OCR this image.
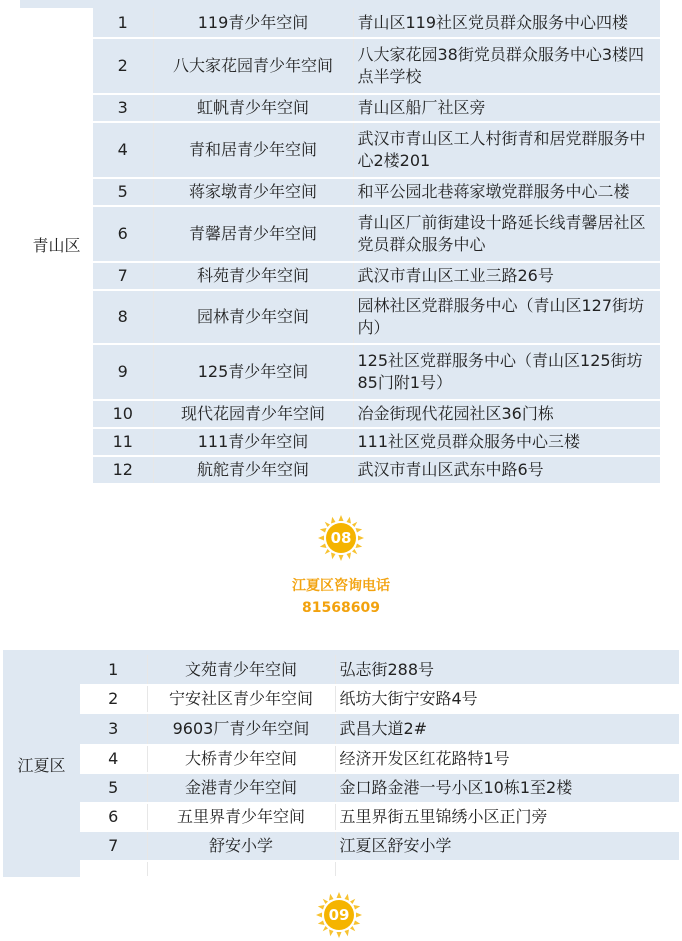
青山区	1	119青少年空间	青山区119社区党员群众服务中心四楼
	2	八大家花园青少年空间	八大家花园38街党员群众服务中心3楼四点半学校
	3	虹帆青少年空间	青山区船厂社区旁
	4	青和居青少年空间	武汉市青山区工人村街青和居党群服务中心2楼201
	5	蒋家墩青少年空间	和平公园北巷蒋家墩党群服务中心二楼
	6	青馨居青少年空间	青山区厂前街建设十路延长线青馨居社区党员群众服务中心
	7	科苑青少年空间	武汉市青山区工业三路26号
	8	园林青少年空间	园林社区党群服务中心（青山区127街坊内）
	9	125青少年空间	125社区党群服务中心（青山区125街坊85门附1号）
	10	现代花园青少年空间	冶金街现代花园社区36门栋
	11	111青少年空间	111社区党员群众服务中心三楼
	12	航舵青少年空间	武汉市青山区武东中路6号
08
江夏区咨询电话
81568609
江夏区	1	文苑青少年空间	弘志街288号
	2	宁安社区青少年空间	纸坊大街宁安路4号
	3	9603厂青少年空间	武昌大道2#
	4	大桥青少年空间	经济开发区红花路特1号
	5	金港青少年空间	金口路金港一号小区10栋1至2楼
	6	五里界青少年空间	五里界街五里锦绣小区正门旁
	7	舒安小学	江夏区舒安小学

09
